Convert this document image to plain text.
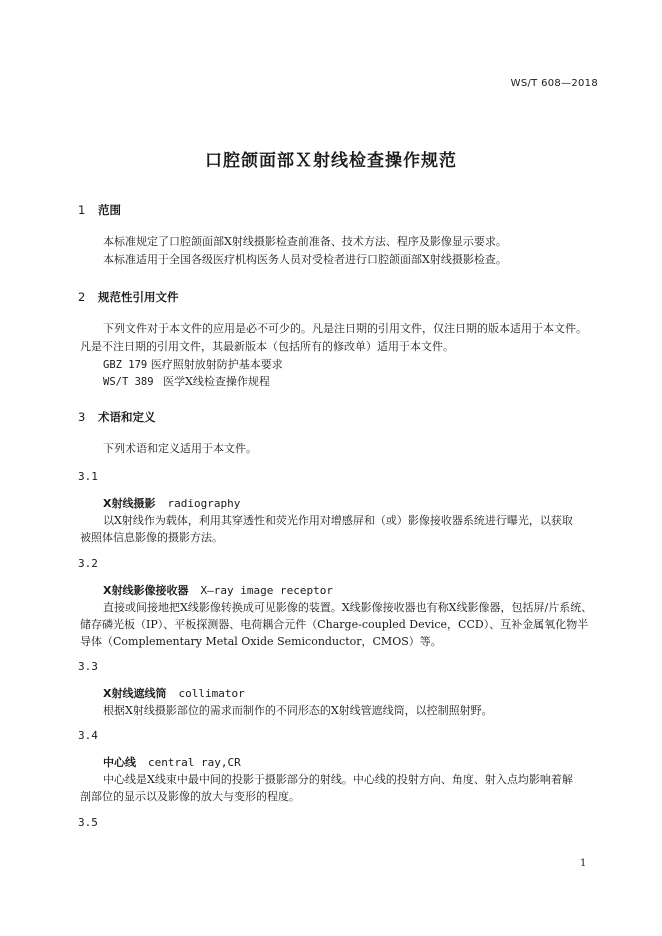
WS/T 608—2018
口腔颌面部Ｘ射线检查操作规范
1 范围
本标准规定了口腔颌面部X射线摄影检查前准备、技术方法、程序及影像显示要求。
本标准适用于全国各级医疗机构医务人员对受检者进行口腔颌面部X射线摄影检查。
2 规范性引用文件
下列文件对于本文件的应用是必不可少的。凡是注日期的引用文件，仅注日期的版本适用于本文件。
凡是不注日期的引用文件，其最新版本（包括所有的修改单）适用于本文件。
GBZ 179 医疗照射放射防护基本要求
WS/T 389 医学X线检查操作规程
3 术语和定义
下列术语和定义适用于本文件。
3.1
X射线摄影 radiography
以X射线作为载体，利用其穿透性和荧光作用对增感屏和（或）影像接收器系统进行曝光，以获取
被照体信息影像的摄影方法。
3.2
X射线影像接收器 X—ray image receptor
直接或间接地把X线影像转换成可见影像的装置。X线影像接收器也有称X线影像器，包括屏/片系统、
储存磷光板（IP）、平板探测器、电荷耦合元件（Charge-coupled Device，CCD）、互补金属氧化物半
导体（Complementary Metal Oxide Semiconductor，CMOS）等。
3.3
X射线遮线筒 collimator
根据X射线摄影部位的需求而制作的不同形态的X射线管遮线筒，以控制照射野。
3.4
中心线 central ray,CR
中心线是X线束中最中间的投影于摄影部分的射线。中心线的投射方向、角度、射入点均影响着解
剖部位的显示以及影像的放大与变形的程度。
3.5
1
